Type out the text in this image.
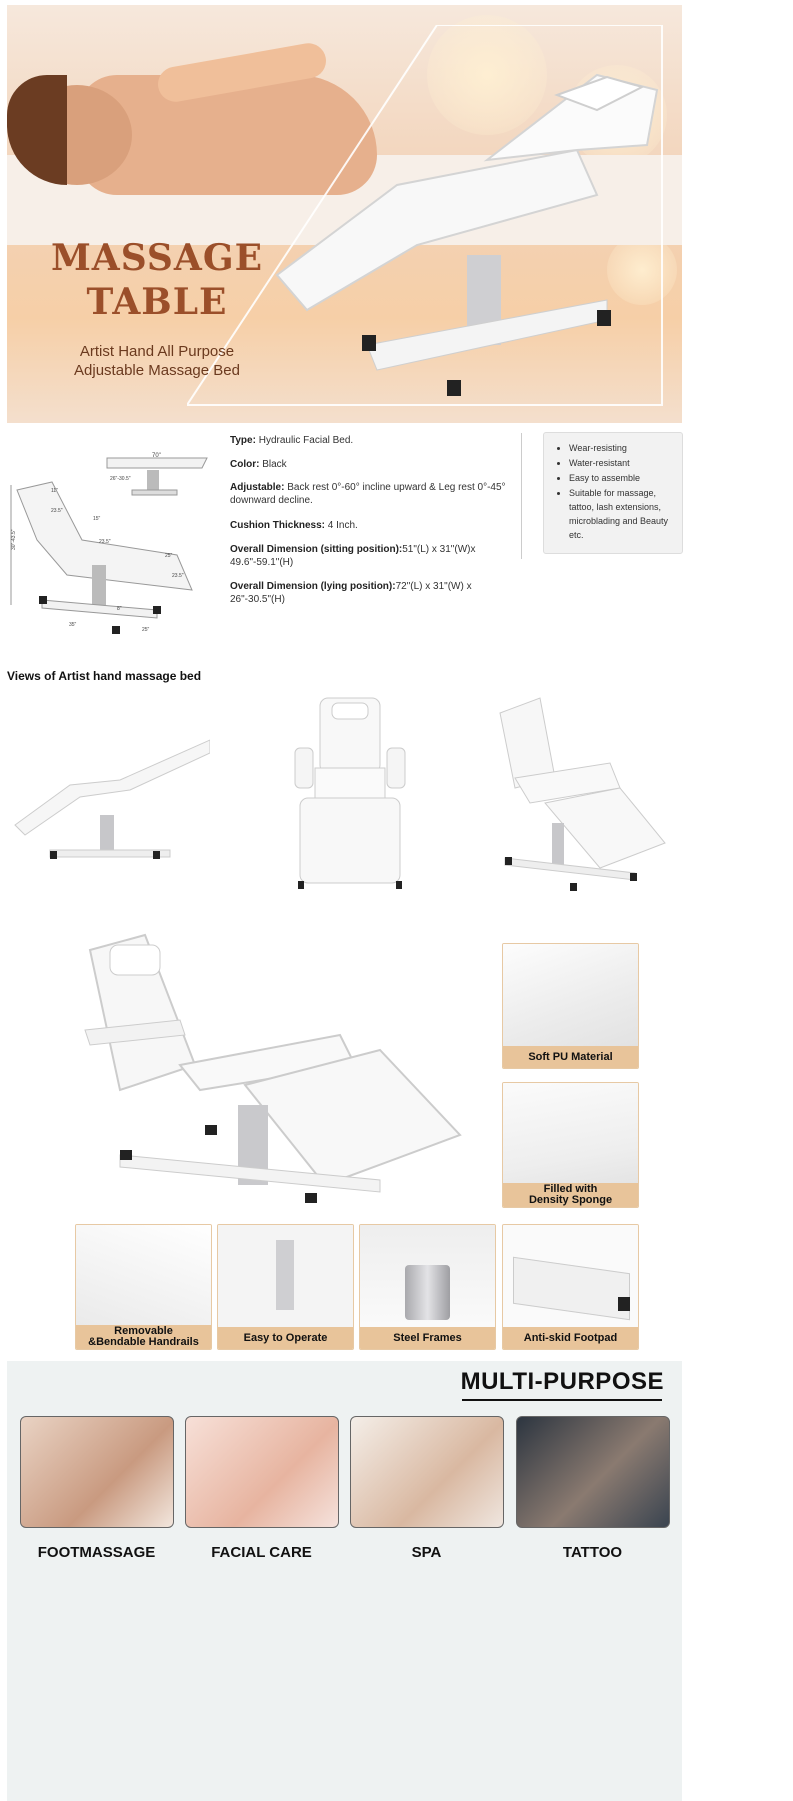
MASSAGE
TABLE
Artist Hand All Purpose
Adjustable Massage Bed
70"
26"-30.5"
11"
23.5"
15"
23.5"
25"
23.5"
8"
30"-43.5"
35"
25"
Type: Hydraulic Facial Bed.
Color: Black
Adjustable: Back rest 0°-60° incline upward & Leg rest 0°-45° downward decline.
Cushion Thickness: 4 Inch.
Overall Dimension (sitting position):51"(L) x 31"(W)x 49.6"-59.1"(H)
Overall Dimension (lying position):72"(L) x 31"(W) x 26"-30.5"(H)
• Wear-resisting
• Water-resistant
• Easy to assemble
• Suitable for massage, tattoo, lash extensions, microblading and Beauty etc.
Views of Artist hand massage bed
Soft PU Material
Filled with
Density Sponge
Removable
&Bendable Handrails	Easy to Operate	Steel Frames	Anti-skid Footpad
MULTI-PURPOSE
FOOTMASSAGE	FACIAL CARE	SPA	TATTOO
